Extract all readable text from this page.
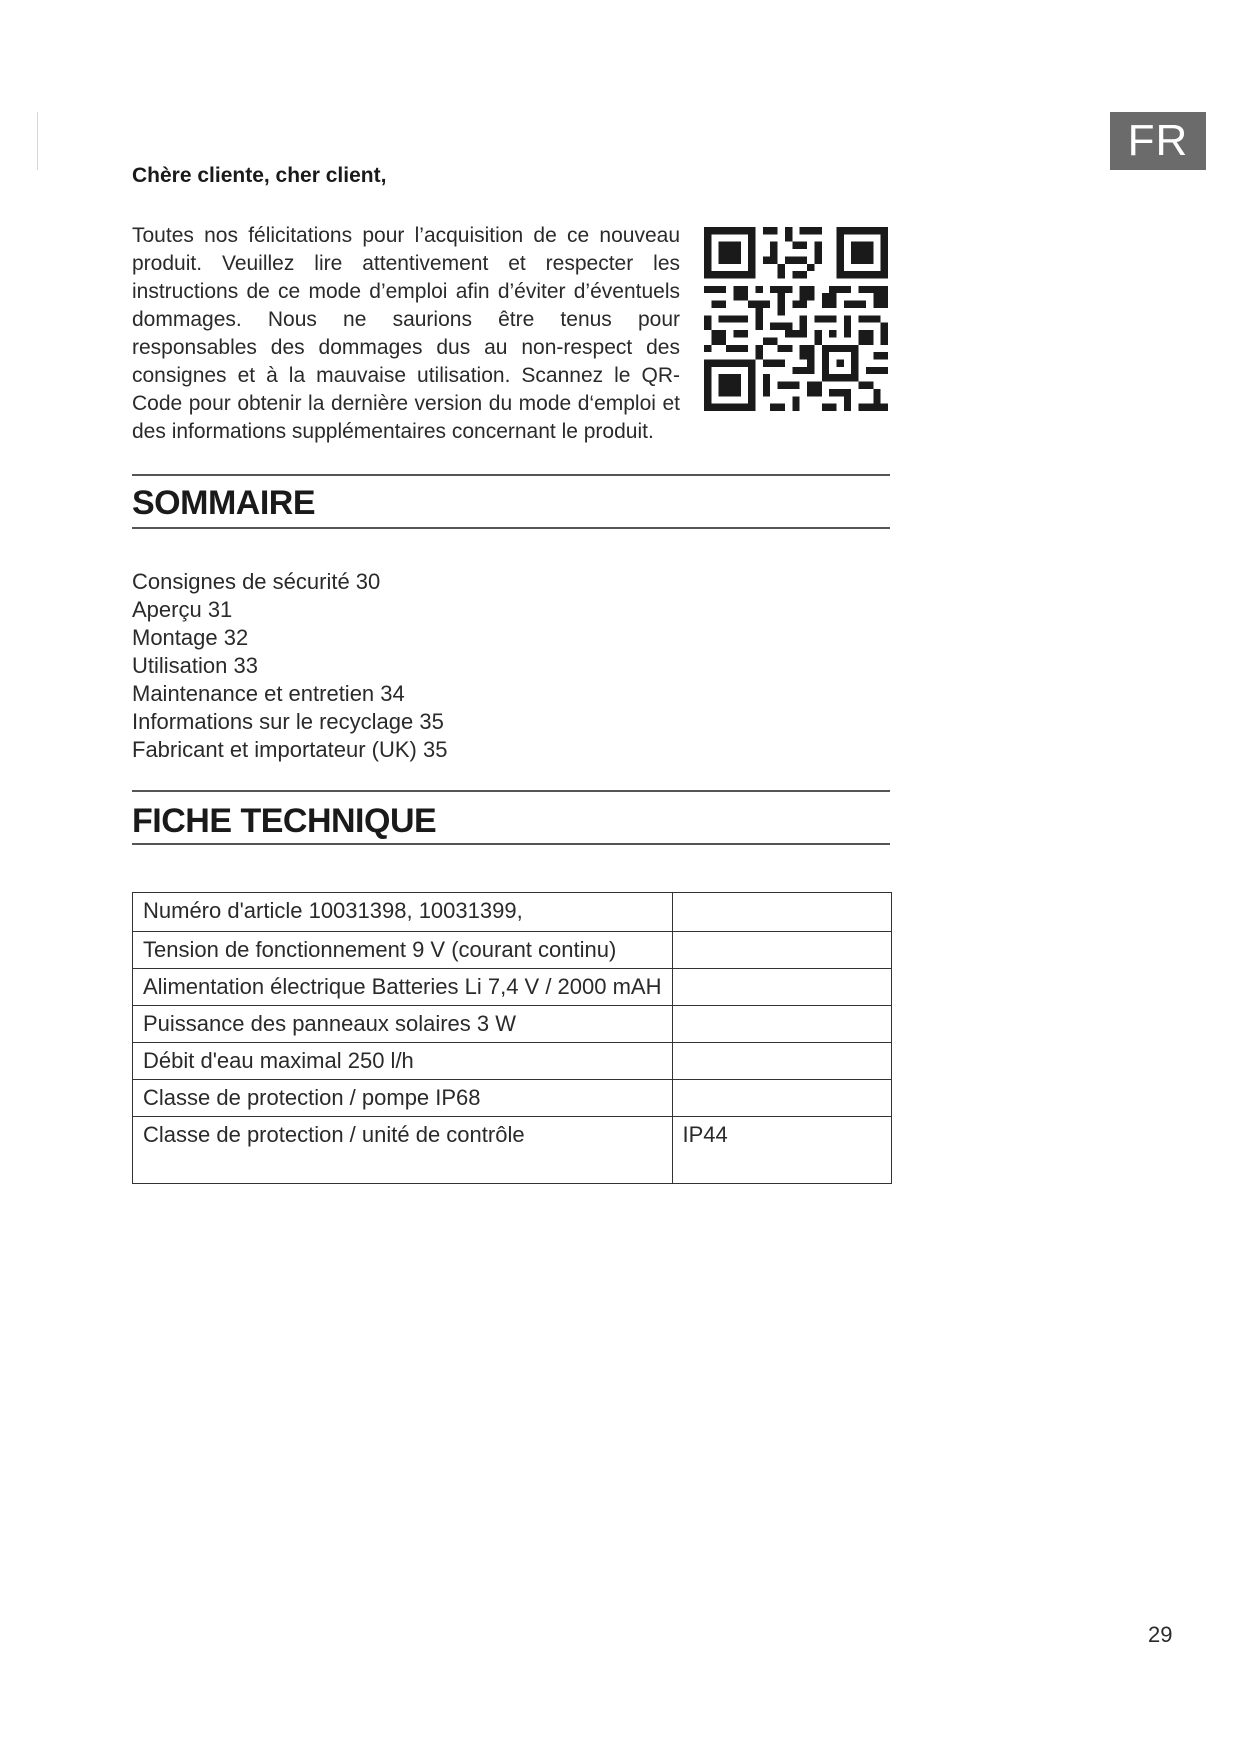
FR
Chère cliente, cher client,
Toutes nos félicitations pour l’acquisition de ce nouveau produit. Veuillez lire attentivement et respecter les instructions de ce mode d’emploi afin d’éviter d’éventuels dommages. Nous ne saurions être tenus pour responsables des dommages dus au non-respect des consignes et à la mauvaise utilisation. Scannez le QR-Code pour obtenir la dernière version du mode d‘emploi et des informations supplémentaires concernant le produit.
SOMMAIRE
Consignes de sécurité 30
Aperçu 31
Montage 32
Utilisation 33
Maintenance et entretien 34
Informations sur le recyclage 35
Fabricant et importateur (UK) 35
FICHE TECHNIQUE
Numéro d'article 10031398, 10031399,	
Tension de fonctionnement 9 V (courant continu)	
Alimentation électrique Batteries Li 7,4 V / 2000 mAH	
Puissance des panneaux solaires 3 W	
Débit d'eau maximal 250 l/h	
Classe de protection / pompe IP68	
Classe de protection / unité de contrôle	IP44
29
